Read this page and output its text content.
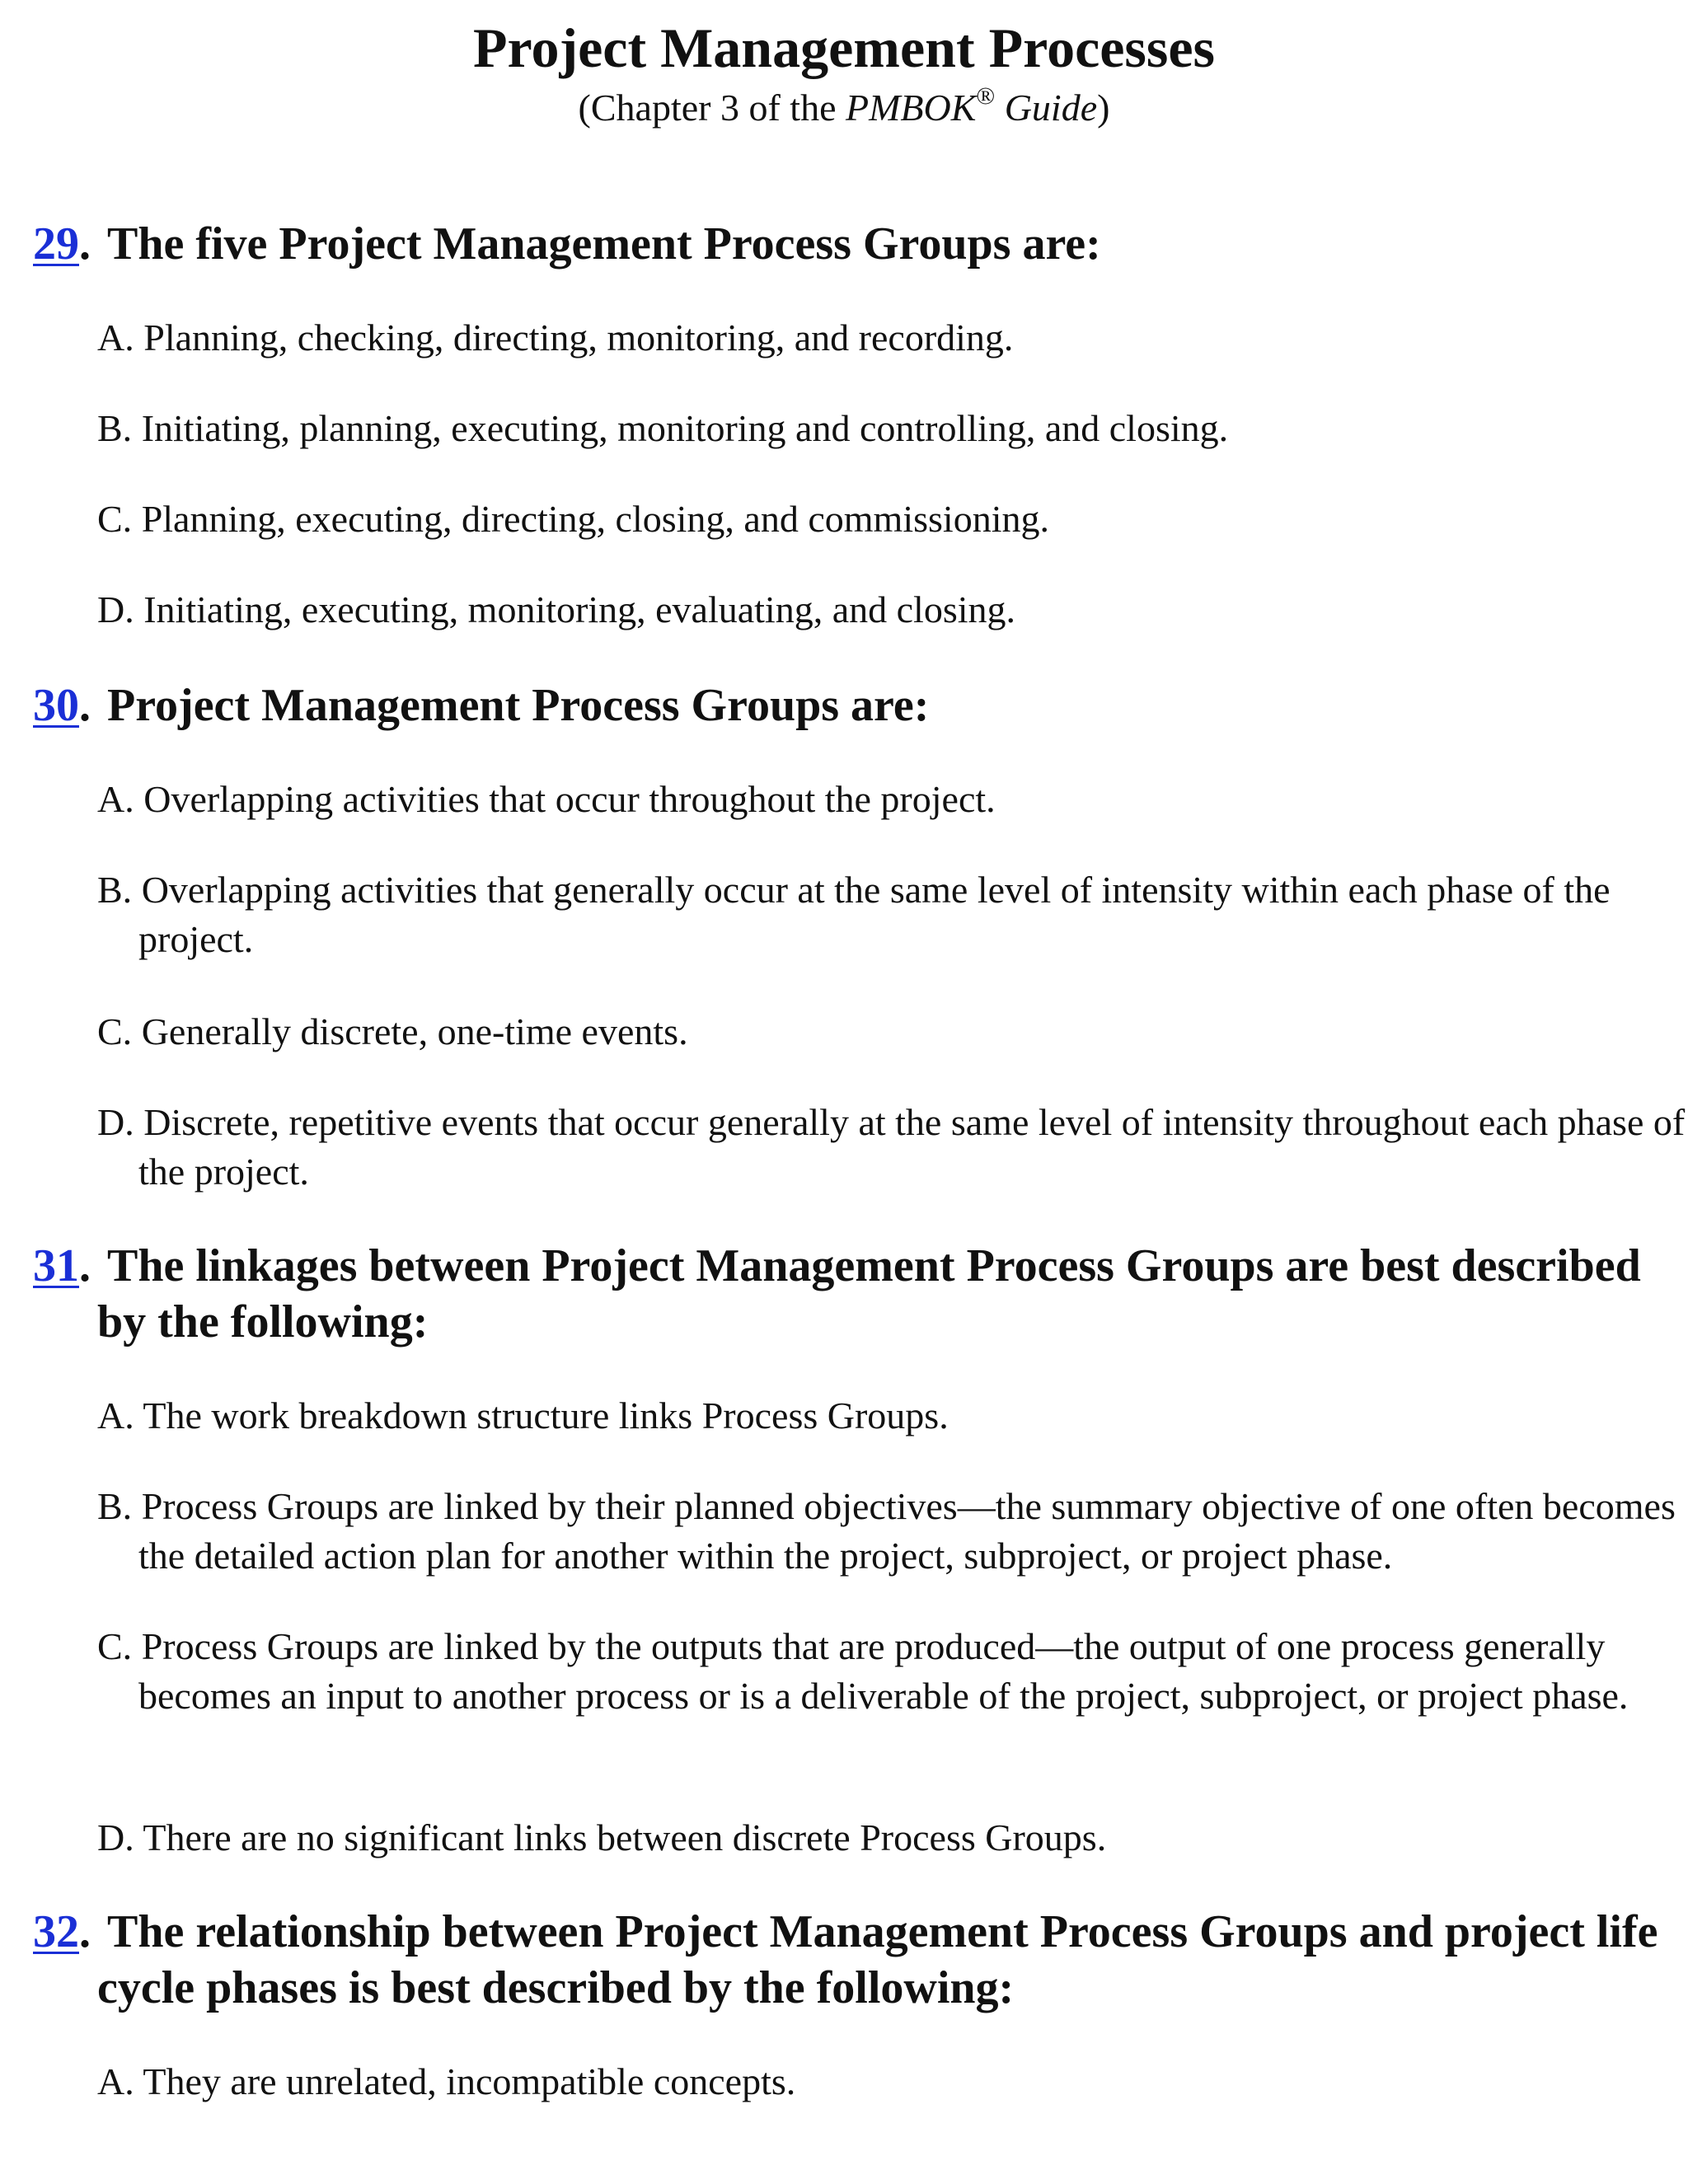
Project Management Processes

(Chapter 3 of the PMBOK® Guide)

29. The five Project Management Process Groups are:

A. Planning, checking, directing, monitoring, and recording.

B. Initiating, planning, executing, monitoring and controlling, and closing.

C. Planning, executing, directing, closing, and commissioning.

D. Initiating, executing, monitoring, evaluating, and closing.

30. Project Management Process Groups are:

A. Overlapping activities that occur throughout the project.

B. Overlapping activities that generally occur at the same level of intensity within each phase of the project.

C. Generally discrete, one-time events.

D. Discrete, repetitive events that occur generally at the same level of intensity throughout each phase of the project.

31. The linkages between Project Management Process Groups are best described by the following:

A. The work breakdown structure links Process Groups.

B. Process Groups are linked by their planned objectives—the summary objective of one often becomes the detailed action plan for another within the project, subproject, or project phase.

C. Process Groups are linked by the outputs that are produced—the output of one process generally becomes an input to another process or is a deliverable of the project, subproject, or project phase.

D. There are no significant links between discrete Process Groups.

32. The relationship between Project Management Process Groups and project life cycle phases is best described by the following:

A. They are unrelated, incompatible concepts.
